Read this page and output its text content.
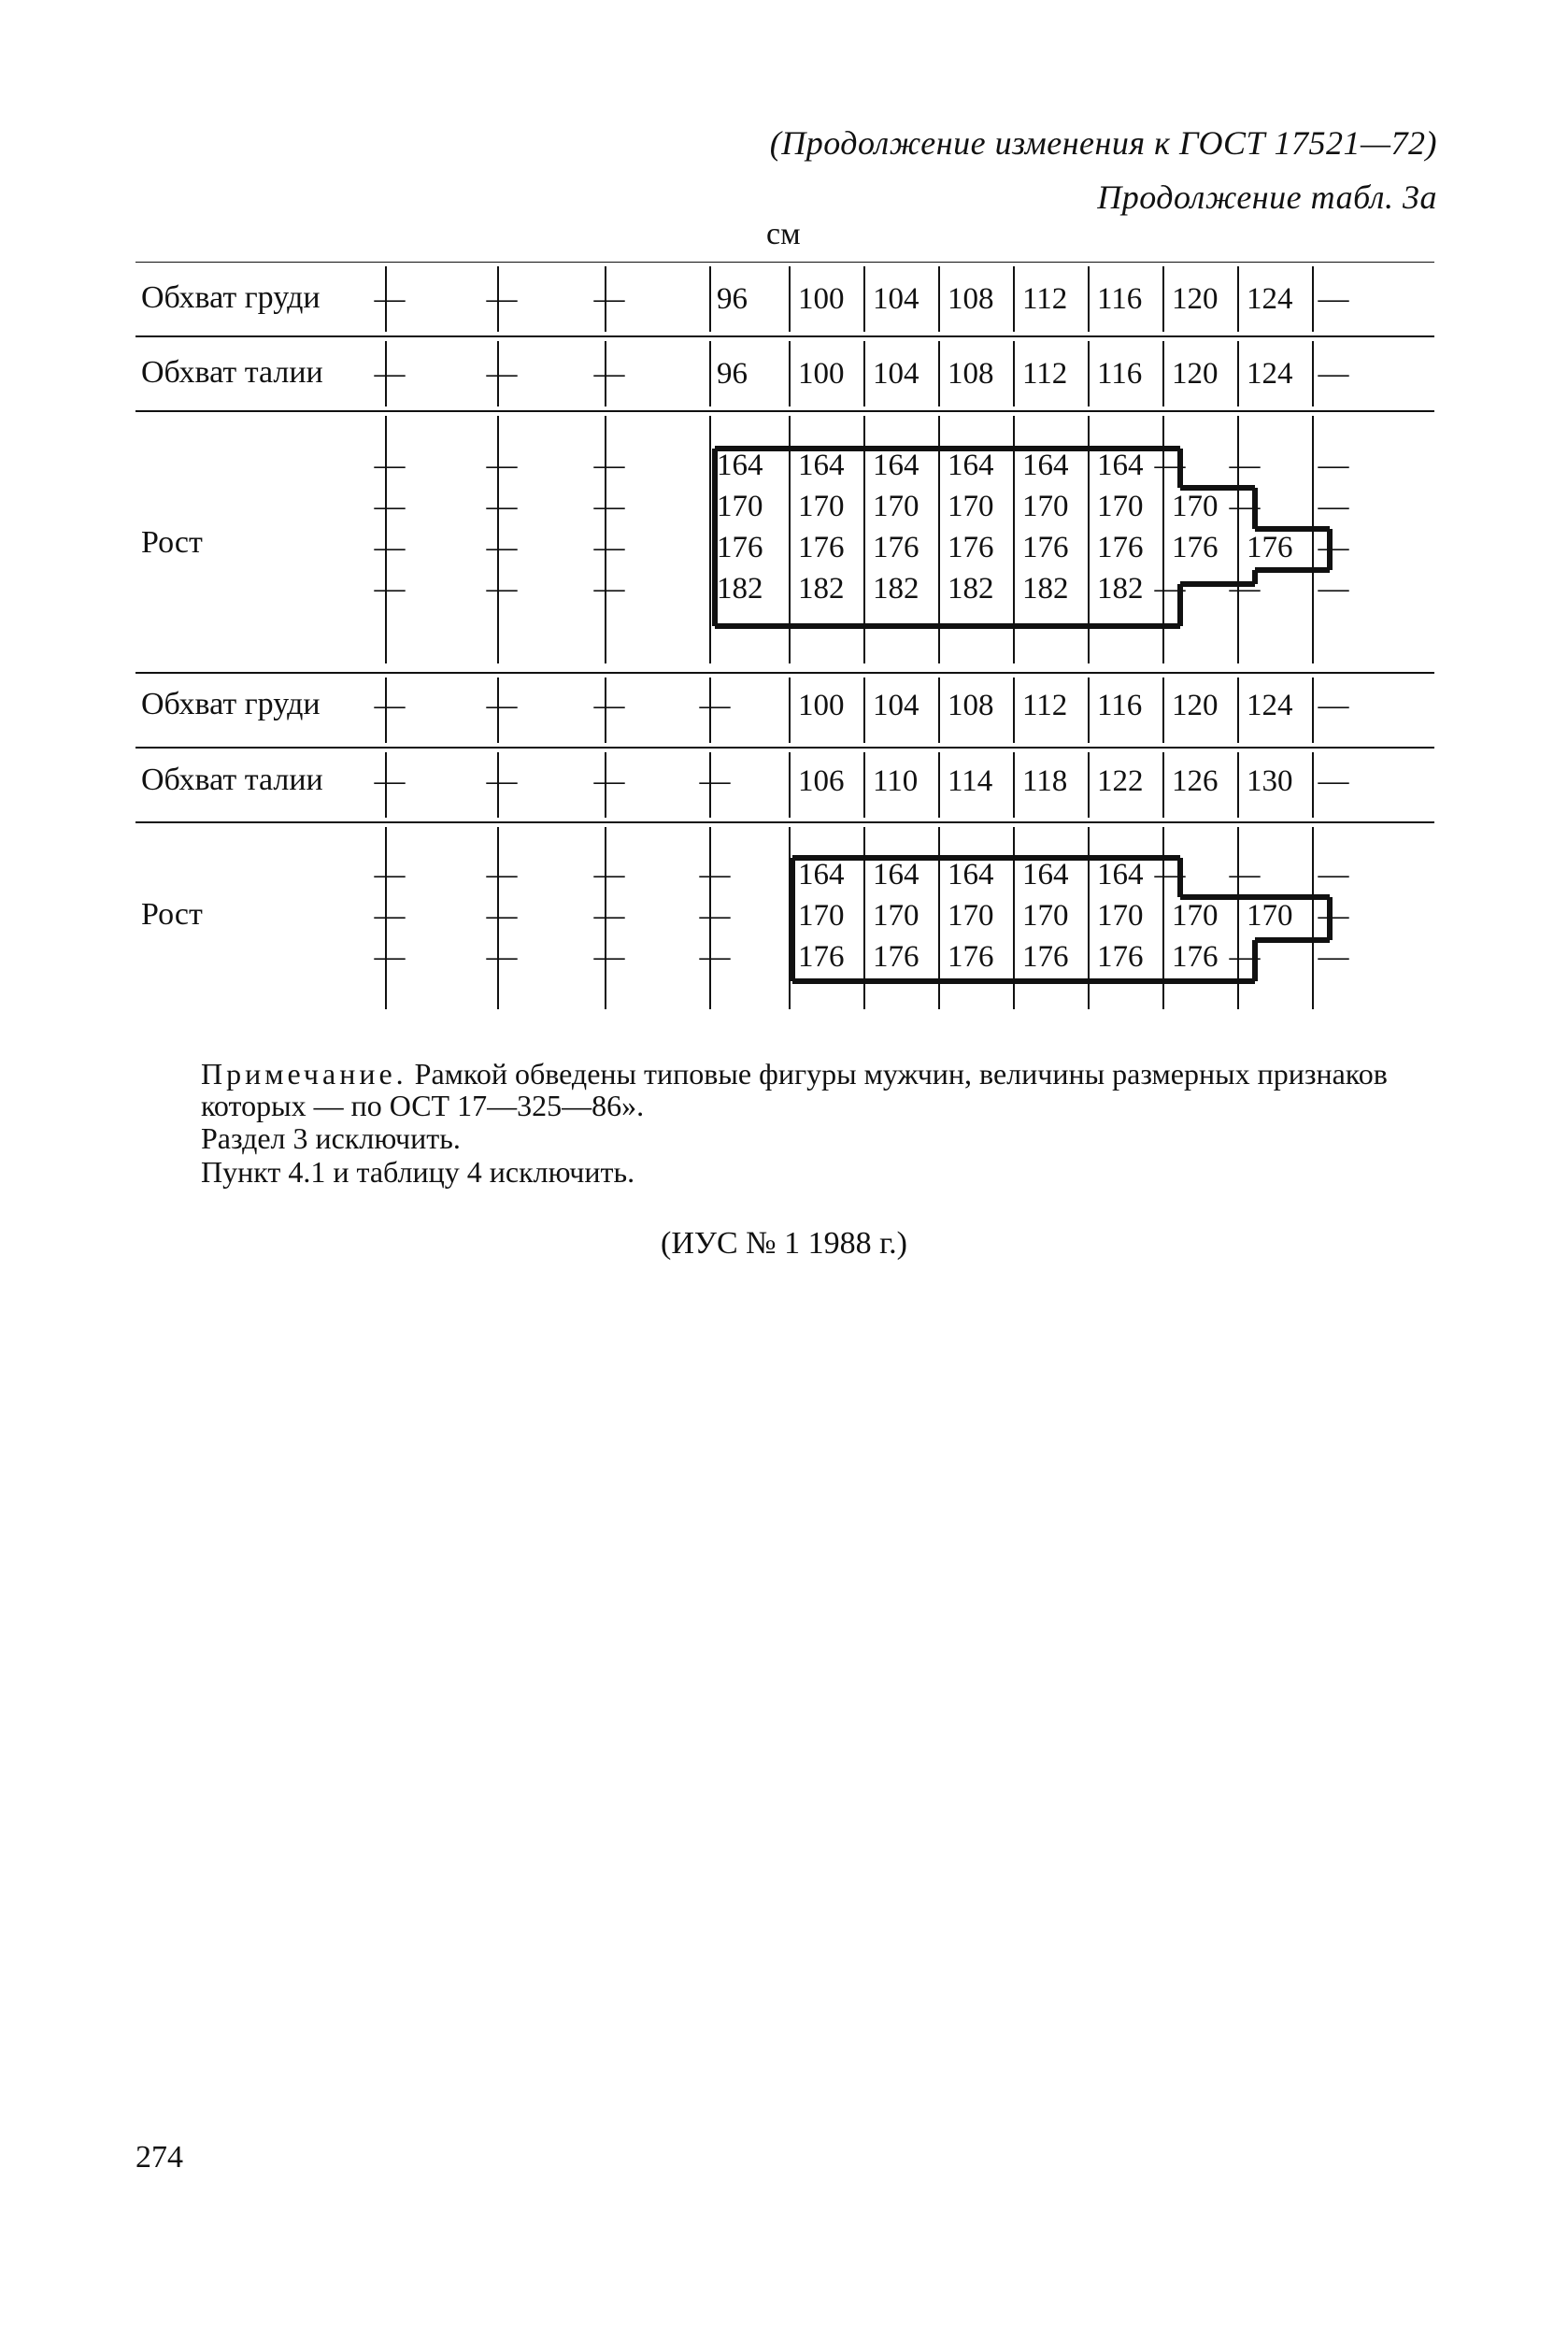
(Продолжение изменения к ГОСТ 17521—72)
Продолжение табл. 3а
см
Обхват груди	—	—	—	96	100 104 108 112 116 120 124 —
Обхват талии	—	—	—	96	100 104 108 112 116 120 124 —
Рост
—	—	—	164	164 164 164 164 164 —	—	—
—	—	—	170	170 170 170 170 170 170 —	—
—	—	—	176	176 176 176 176 176 176 176 —
—	—	—	182	182 182 182 182 182 —	—	—
Обхват груди	—	—	—	—	100 104 108 112 116 120 124 —
Обхват талии	—	—	—	—	106 110 114 118 122 126 130 —
Рост
—	—	—	—	164 164 164 164 164 —	—	—
—	—	—	—	170 170 170 170 170 170 170 —
—	—	—	—	176 176 176 176 176 176 —	—
Примечание. Рамкой обведены типовые фигуры мужчин, величины размерных признаков которых — по ОСТ 17—325—86».
Раздел 3 исключить.
Пункт 4.1 и таблицу 4 исключить.
(ИУС № 1 1988 г.)
274
